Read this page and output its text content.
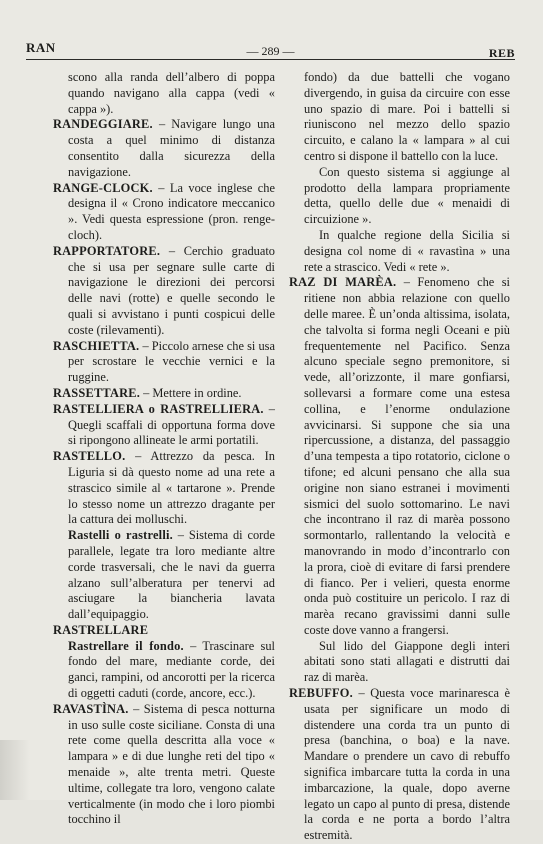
RAN	— 289 —	REB

scono alla randa dell’albero di poppa quando navigano alla cappa (vedi « cappa »).

RANDEGGIARE. – Navigare lungo una costa a quel minimo di distanza consentito dalla sicurezza della navigazione.

RANGE-CLOCK. – La voce inglese che designa il « Crono indicatore meccanico ». Vedi questa espressione (pron. renge-cloch).

RAPPORTATORE. – Cerchio graduato che si usa per segnare sulle carte di navigazione le direzioni dei percorsi delle navi (rotte) e quelle secondo le quali si avvistano i punti cospicui delle coste (rilevamenti).

RASCHIETTA. – Piccolo arnese che si usa per scrostare le vecchie vernici e la ruggine.

RASSETTARE. – Mettere in ordine.

RASTELLIERA o RASTRELLIERA. – Quegli scaffali di opportuna forma dove si ripongono allineate le armi portatili.

RASTELLO. – Attrezzo da pesca. In Liguria si dà questo nome ad una rete a strascico simile al « tartarone ». Prende lo stesso nome un attrezzo dragante per la cattura dei molluschi.

Rastelli o rastrelli. – Sistema di corde parallele, legate tra loro mediante altre corde trasversali, che le navi da guerra alzano sull’alberatura per tenervi ad asciugare la biancheria lavata dall’equipaggio.

RASTRELLARE

Rastrellare il fondo. – Trascinare sul fondo del mare, mediante corde, dei ganci, rampini, od ancorotti per la ricerca di oggetti caduti (corde, ancore, ecc.).

RAVASTÌNA. – Sistema di pesca notturna in uso sulle coste siciliane. Consta di una rete come quella descritta alla voce « lampara » e di due lunghe reti del tipo « menaide », alte trenta metri. Queste ultime, collegate tra loro, vengono calate verticalmente (in modo che i loro piombi tocchino il

fondo) da due battelli che vogano divergendo, in guisa da circuire con esse uno spazio di mare. Poi i battelli si riuniscono nel mezzo dello spazio circuito, e calano la « lampara » al cui centro si dispone il battello con la luce.

Con questo sistema si aggiunge al prodotto della lampara propriamente detta, quello delle due « menaidi di circuizione ».

In qualche regione della Sicilia si designa col nome di « ravastìna » una rete a strascico. Vedi « rete ».

RAZ DI MARÈA. – Fenomeno che si ritiene non abbia relazione con quello delle maree. È un’onda altissima, isolata, che talvolta si forma negli Oceani e più frequentemente nel Pacifico. Senza alcuno speciale segno premonitore, si vede, all’orizzonte, il mare gonfiarsi, sollevarsi a formare come una estesa collina, e l’enorme ondulazione avvicinarsi. Si suppone che sia una ripercussione, a distanza, del passaggio d’una tempesta a tipo rotatorio, ciclone o tifone; ed alcuni pensano che alla sua origine non siano estranei i movimenti sismici del suolo sottomarino. Le navi che incontrano il raz di marèa possono sormontarlo, rallentando la velocità e manovrando in modo d’incontrarlo con la prora, cioè di evitare di farsi prendere di fianco. Per i velieri, questa enorme onda può costituire un pericolo. I raz di marèa recano gravissimi danni sulle coste dove vanno a frangersi.

Sul lido del Giappone degli interi abitati sono stati allagati e distrutti dai raz di marèa.

REBUFFO. – Questa voce marinaresca è usata per significare un modo di distendere una corda tra un punto di presa (banchina, o boa) e la nave. Mandare o prendere un cavo di rebuffo significa imbarcare tutta la corda in una imbarcazione, la quale, dopo averne legato un capo al punto di presa, distende la corda e ne porta a bordo l’altra estremità.
